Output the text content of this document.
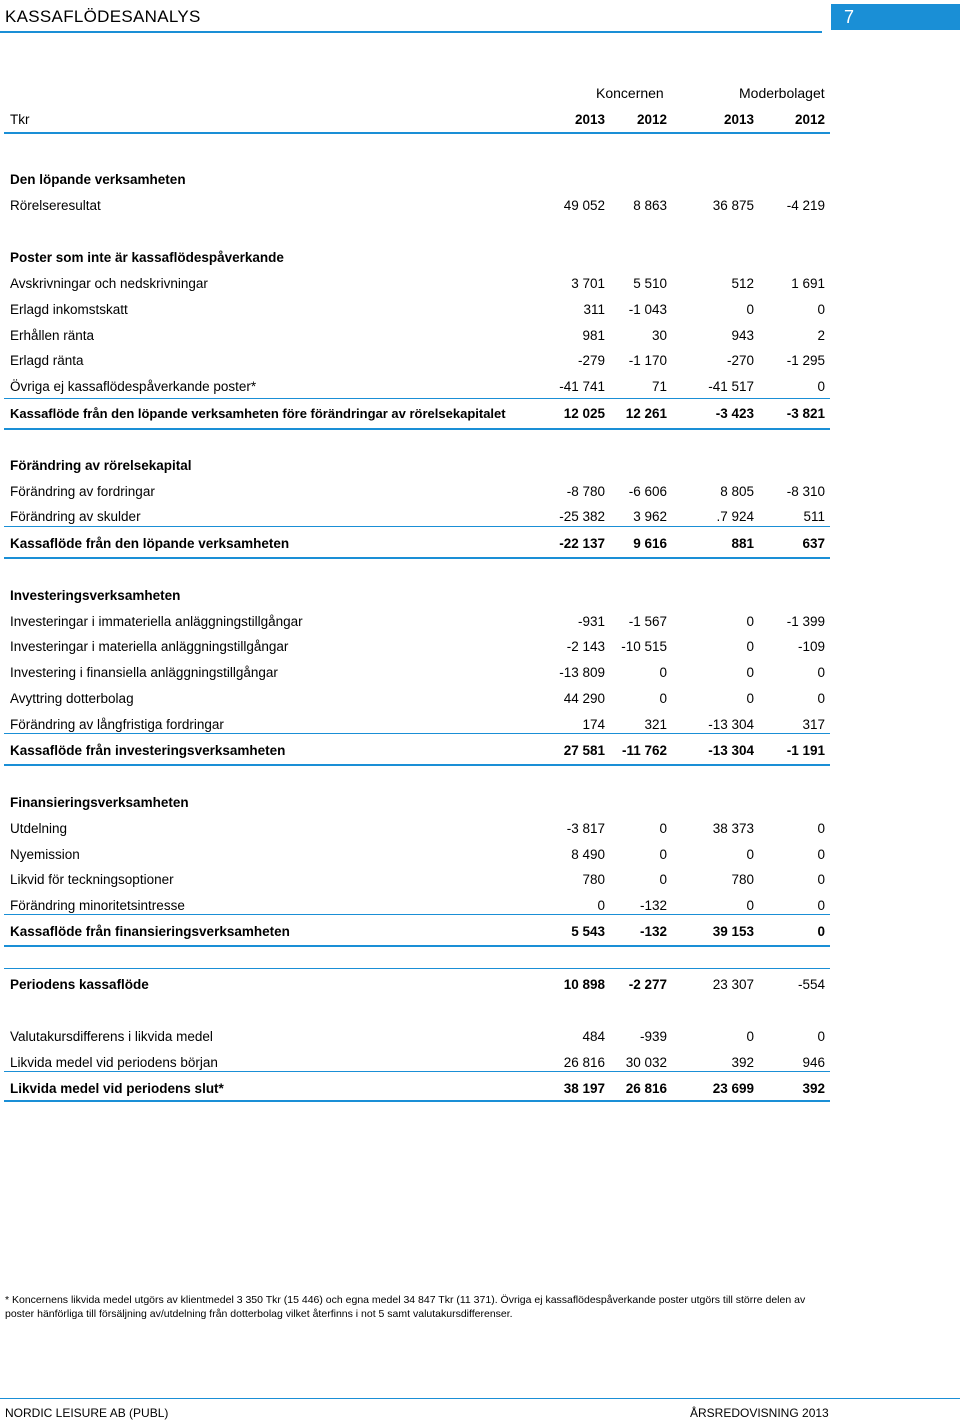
KASSAFLÖDESANALYS	7
Koncernen	Moderbolaget
Tkr	2013	2012	2013	2012
Den löpande verksamheten
Rörelseresultat	49 052	8 863	36 875	-4 219
Poster som inte är kassaflödespåverkande
Avskrivningar och nedskrivningar	3 701	5 510	512	1 691
Erlagd inkomstskatt	311	-1 043	0	0
Erhållen ränta	981	30	943	2
Erlagd ränta	-279	-1 170	-270	-1 295
Övriga ej kassaflödespåverkande poster*	-41 741	71	-41 517	0
Kassaflöde från den löpande verksamheten före förändringar av rörelsekapitalet	12 025	12 261	-3 423	-3 821
Förändring av rörelsekapital
Förändring av fordringar	-8 780	-6 606	8 805	-8 310
Förändring av skulder	-25 382	3 962	.7 924	511
Kassaflöde från den löpande verksamheten	-22 137	9 616	881	637
Investeringsverksamheten
Investeringar i immateriella anläggningstillgångar	-931	-1 567	0	-1 399
Investeringar i materiella anläggningstillgångar	-2 143	-10 515	0	-109
Investering i finansiella anläggningstillgångar	-13 809	0	0	0
Avyttring dotterbolag	44 290	0	0	0
Förändring av långfristiga fordringar	174	321	-13 304	317
Kassaflöde från investeringsverksamheten	27 581	-11 762	-13 304	-1 191
Finansieringsverksamheten
Utdelning	-3 817	0	38 373	0
Nyemission	8 490	0	0	0
Likvid för teckningsoptioner	780	0	780	0
Förändring minoritetsintresse	0	-132	0	0
Kassaflöde från finansieringsverksamheten	5 543	-132	39 153	0
Periodens kassaflöde	10 898	-2 277	23 307	-554
Valutakursdifferens i likvida medel	484	-939	0	0
Likvida medel vid periodens början	26 816	30 032	392	946
Likvida medel vid periodens slut*	38 197	26 816	23 699	392
* Koncernens likvida medel utgörs av klientmedel 3 350 Tkr (15 446) och egna medel 34 847 Tkr (11 371). Övriga ej kassaflödespåverkande poster utgörs till större delen av poster hänförliga till försäljning av/utdelning från dotterbolag vilket återfinns i not 5 samt valutakursdifferenser.
NORDIC LEISURE AB (PUBL)	ÅRSREDOVISNING 2013
